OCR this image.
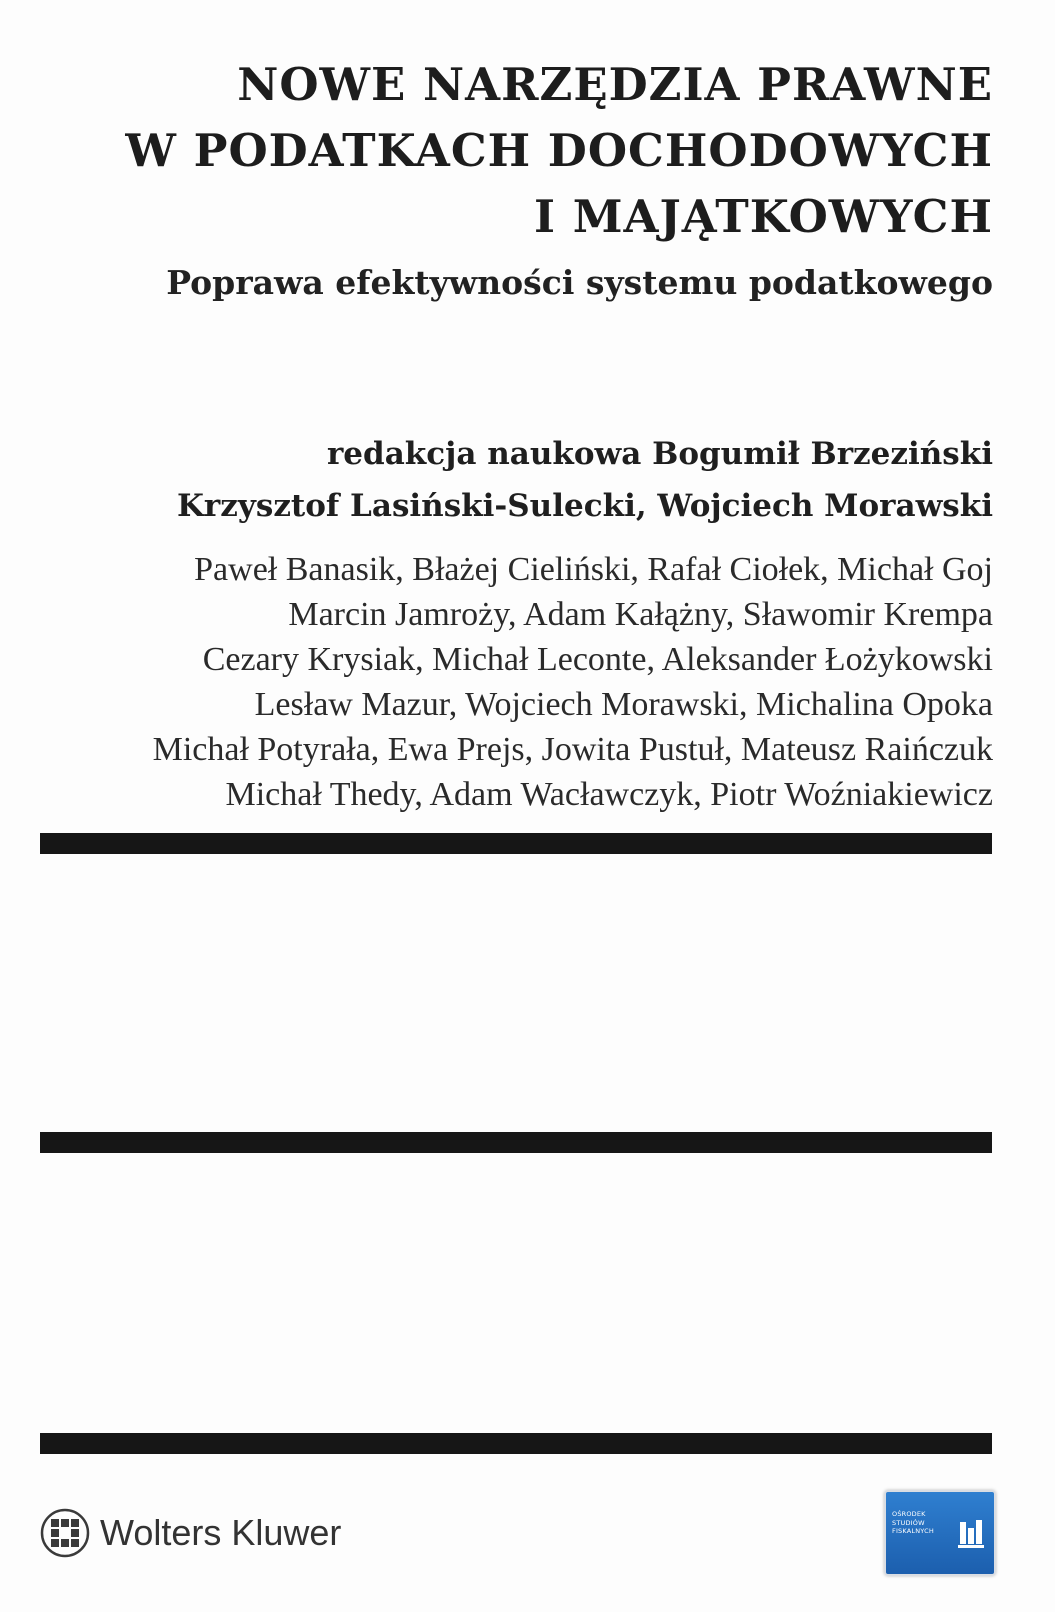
NOWE NARZĘDZIA PRAWNE
W PODATKACH DOCHODOWYCH
I MAJĄTKOWYCH
Poprawa efektywności systemu podatkowego
redakcja naukowa Bogumił Brzeziński
Krzysztof Lasiński-Sulecki, Wojciech Morawski
Paweł Banasik, Błażej Cieliński, Rafał Ciołek, Michał Goj
Marcin Jamroży, Adam Kałążny, Sławomir Krempa
Cezary Krysiak, Michał Leconte, Aleksander Łożykowski
Lesław Mazur, Wojciech Morawski, Michalina Opoka
Michał Potyrała, Ewa Prejs, Jowita Pustuł, Mateusz Raińczuk
Michał Thedy, Adam Wacławczyk, Piotr Woźniakiewicz
Wolters Kluwer	OŚRODEK
STUDIÓW
FISKALNYCH
